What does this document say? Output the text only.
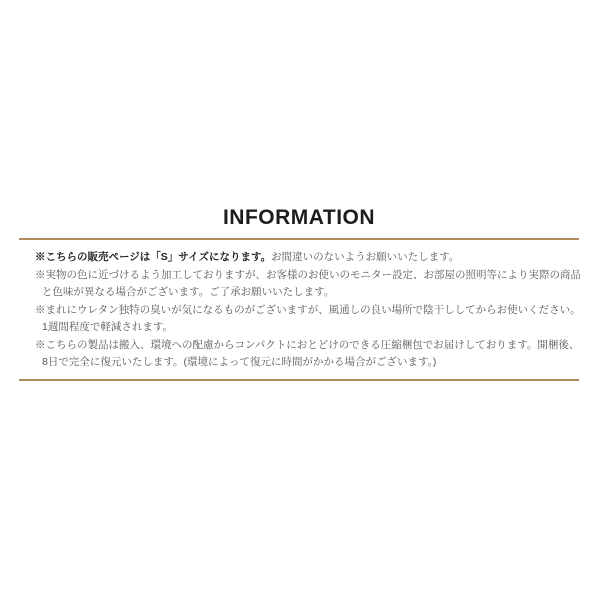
INFORMATION
※こちらの販売ページは「S」サイズになります。お間違いのないようお願いいたします。
※実物の色に近づけるよう加工しておりますが、お客様のお使いのモニター設定、お部屋の照明等により実際の商品
と色味が異なる場合がございます。ご了承お願いいたします。
※まれにウレタン独特の臭いが気になるものがございますが、風通しの良い場所で陰干ししてからお使いください。
1週間程度で軽減されます。
※こちらの製品は搬入、環境への配慮からコンパクトにおとどけのできる圧縮梱包でお届けしております。開梱後、
8日で完全に復元いたします。(環境によって復元に時間がかかる場合がございます。)
